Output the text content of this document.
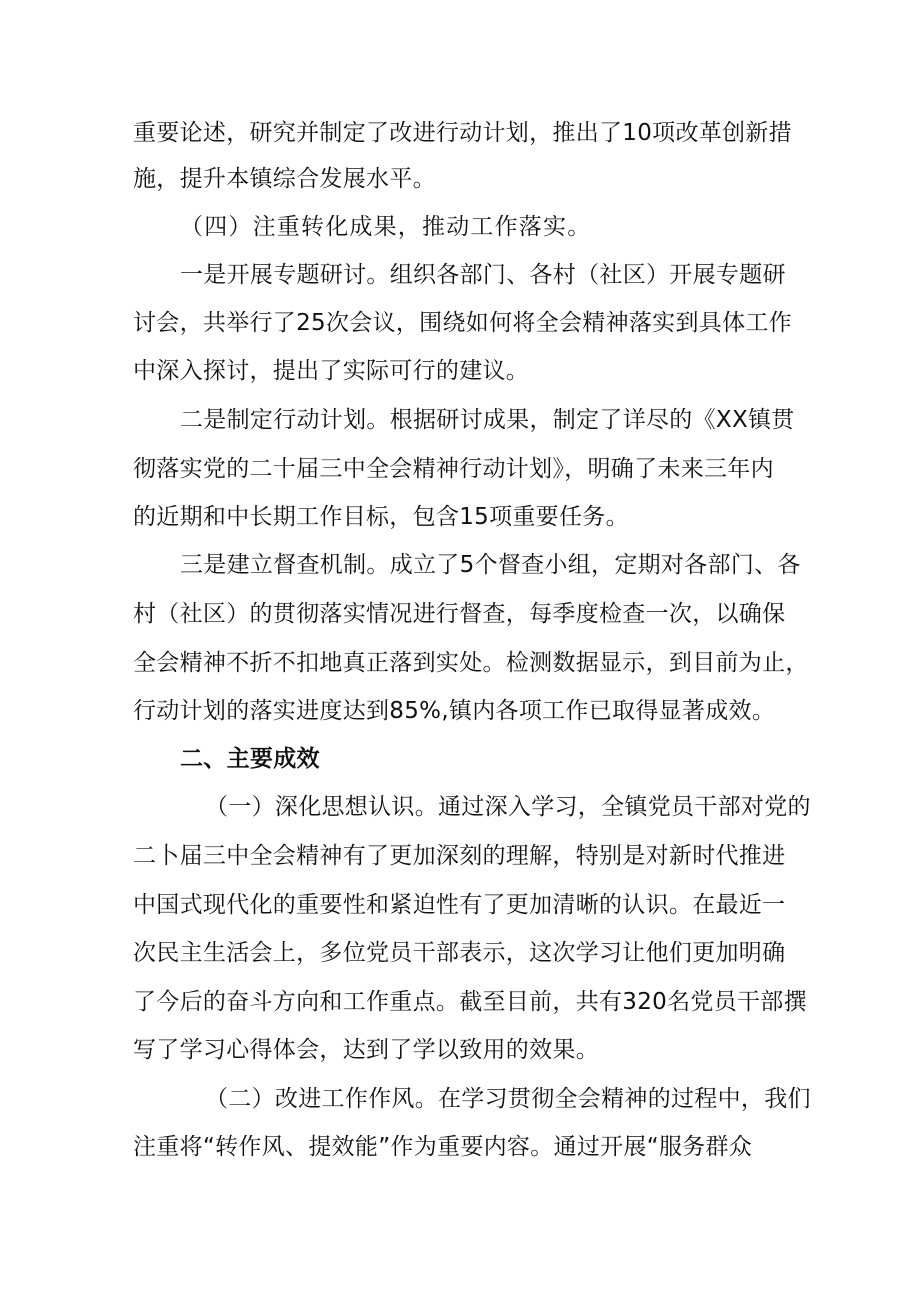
重要论述，研究并制定了改进行动计划，推出了10项改革创新措

施，提升本镇综合发展水平。

（四）注重转化成果，推动工作落实。

一是开展专题研讨。组织各部门、各村（社区）开展专题研

讨会，共举行了25次会议，围绕如何将全会精神落实到具体工作

中深入探讨，提出了实际可行的建议。

二是制定行动计划。根据研讨成果，制定了详尽的《XX镇贯

彻落实党的二十届三中全会精神行动计划》，明确了未来三年内

的近期和中长期工作目标，包含15项重要任务。

三是建立督查机制。成立了5个督查小组，定期对各部门、各

村（社区）的贯彻落实情况进行督查，每季度检查一次，以确保

全会精神不折不扣地真正落到实处。检测数据显示，到目前为止，

行动计划的落实进度达到85%,镇内各项工作已取得显著成效。

二、主要成效

（一）深化思想认识。通过深入学习，全镇党员干部对党的

二卜届三中全会精神有了更加深刻的理解，特别是对新时代推进

中国式现代化的重要性和紧迫性有了更加清晰的认识。在最近一

次民主生活会上，多位党员干部表示，这次学习让他们更加明确

了今后的奋斗方向和工作重点。截至目前，共有320名党员干部撰

写了学习心得体会，达到了学以致用的效果。

（二）改进工作作风。在学习贯彻全会精神的过程中，我们

注重将“转作风、提效能”作为重要内容。通过开展“服务群众
